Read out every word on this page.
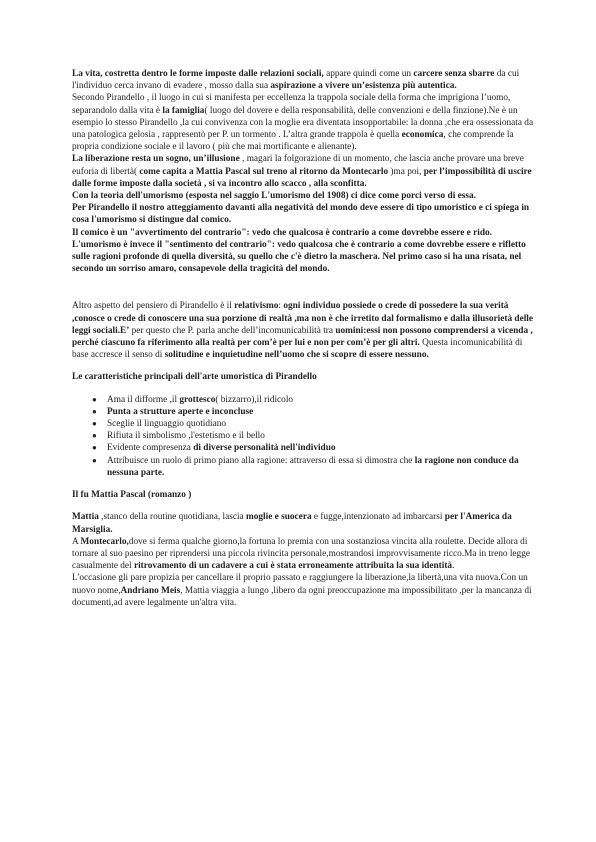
La vita, costretta dentro le forme imposte dalle relazioni sociali, appare quindi come un carcere senza sbarre da cui l'individuo cerca invano di evadere , mosso dalla sua aspirazione a vivere un’esistenza più autentica.

Secondo Pirandello , il luogo in cui si manifesta per eccellenza la trappola sociale della forma che imprigiona l’uomo, separandolo dalla vita è la famiglia( luogo del dovere e della responsabilità, delle convenzioni e della finzione).Ne è un esempio lo stesso Pirandello ,la cui convivenza con la moglie era diventata insopportabile: la donna ,che era ossessionata da una patologica gelosia , rappresentò per P. un tormento . L’altra grande trappola è quella economica, che comprende la propria condizione sociale e il lavoro ( più che mai mortificante e alienante).

La liberazione resta un sogno, un’illusione , magari la folgorazione di un momento, che lascia anche provare una breve euforia di libertà( come capita a Mattia Pascal sul treno al ritorno da Montecarlo )ma poi, per l’impossibilità di uscire dalle forme imposte dalla società , si va incontro allo scacco , alla sconfitta.

Con la teoria dell'umorismo (esposta nel saggio L'umorismo del 1908) ci dice come porci verso di essa.

Per Pirandello il nostro atteggiamento davanti alla negatività del mondo deve essere di tipo umoristico e ci spiega in cosa l'umorismo si distingue dal comico.

Il comico è un "avvertimento del contrario": vedo che qualcosa è contrario a come dovrebbe essere e rido.

L'umorismo è invece il "sentimento del contrario": vedo qualcosa che è contrario a come dovrebbe essere e rifletto sulle ragioni profonde di quella diversità, su quello che c'è dietro la maschera. Nel primo caso si ha una risata, nel secondo un sorriso amaro, consapevole della tragicità del mondo.

Altro aspetto del pensiero di Pirandello è il relativismo: ogni individuo possiede o crede di possedere la sua verità ,conosce o crede di conoscere una sua porzione di realtà ,ma non è che irretito dal formalismo e dalla illusorietà delle leggi sociali.E’ per questo che P. parla anche dell’incomunicabilità tra uomini:essi non possono comprendersi a vicenda , perché ciascuno fa riferimento alla realtà per com’è per lui e non per com’è per gli altri. Questa incomunicabilità di base accresce il senso di solitudine e inquietudine nell’uomo che si scopre di essere nessuno.

Le caratteristiche principali dell'arte umoristica di Pirandello

● Ama il difforme ,il grottesco( bizzarro),il ridicolo
● Punta a strutture aperte e inconcluse
● Sceglie il linguaggio quotidiano
● Rifiuta il simbolismo ,l'estetismo e il bello
● Evidente compresenza di diverse personalità nell'individuo
● Attribuisce un ruolo di primo piano alla ragione: attraverso di essa si dimostra che la ragione non conduce da nessuna parte.

Il fu Mattia Pascal (romanzo )

Mattia ,stanco della routine quotidiana, lascia moglie e suocera e fugge,intenzionato ad imbarcarsi per l'America da Marsiglia.

A Montecarlo,dove si ferma qualche giorno,la fortuna lo premia con una sostanziosa vincita alla roulette. Decide allora di tornare al suo paesino per riprendersi una piccola rivincita personale,mostrandosi improvvisamente ricco.Ma in treno legge casualmente del ritrovamento di un cadavere a cui è stata erroneamente attribuita la sua identità.

L'occasione gli pare propizia per cancellare il proprio passato e raggiungere la liberazione,la libertà,una vita nuova.Con un nuovo nome,Andriano Meis, Mattia viaggia a lungo ,libero da ogni preoccupazione ma impossibilitato ,per la mancanza di documenti,ad avere legalmente un'altra vita.
